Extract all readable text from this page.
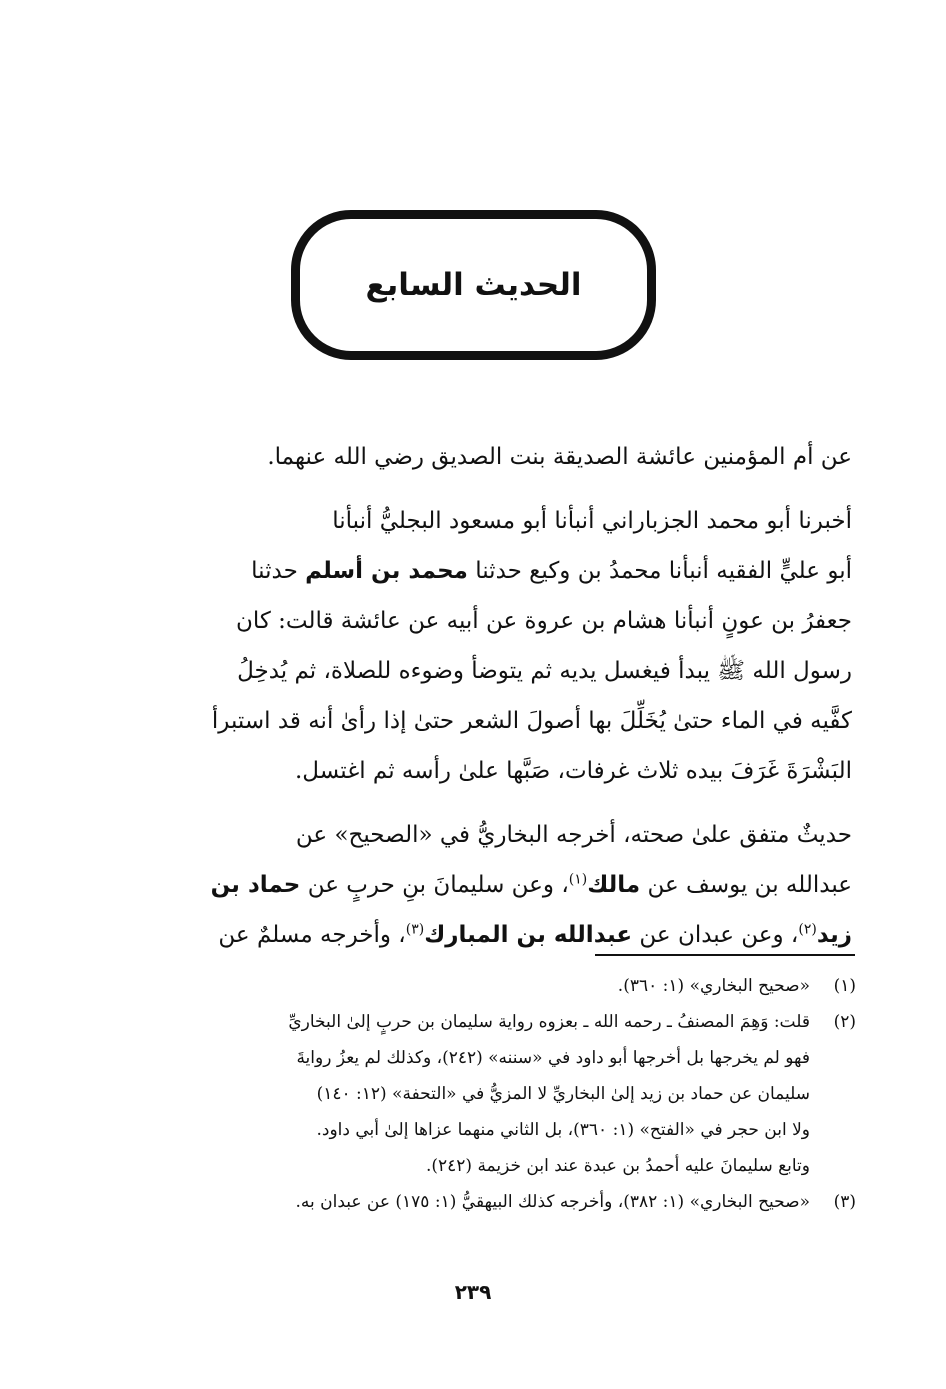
الحديث السابع

عن أم المؤمنين عائشة الصديقة بنت الصديق رضي الله عنهما.

أخبرنا أبو محمد الجزباراني أنبأنا أبو مسعود البجليُّ أنبأنا
أبو عليٍّ الفقيه أنبأنا محمدُ بن وكيع حدثنا محمد بن أسلم حدثنا
جعفرُ بن عونٍ أنبأنا هشام بن عروة عن أبيه عن عائشة قالت: كان
رسول الله ﷺ يبدأ فيغسل يديه ثم يتوضأ وضوءه للصلاة، ثم يُدخِلُ
كفَّيه في الماء حتىٰ يُخَلِّلَ بها أصولَ الشعر حتىٰ إذا رأىٰ أنه قد استبرأ
البَشْرَةَ غَرَفَ بيده ثلاث غرفات، صَبَّها علىٰ رأسه ثم اغتسل.

حديثٌ متفق علىٰ صحته، أخرجه البخاريُّ في «الصحيح» عن
عبدالله بن يوسف عن مالك$^{(١)}$، وعن سليمانَ بنِ حربٍ عن حماد بن
زيد$^{(٢)}$، وعن عبدان عن عبدالله بن المبارك$^{(٣)}$، وأخرجه مسلمٌ عن

(١)
«صحيح البخاري» (١: ٣٦٠).
(٢)
قلت: وَهِمَ المصنفُ ـ رحمه الله ـ بعزوه رواية سليمان بن حربٍ إلىٰ البخاريِّ
فهو لم يخرجها بل أخرجها أبو داود في «سننه» (٢٤٢)، وكذلك لم يعزُ روايةَ
سليمان عن حماد بن زيد إلىٰ البخاريِّ لا المزيُّ في «التحفة» (١٢: ١٤٠)
ولا ابن حجر في «الفتح» (١: ٣٦٠)، بل الثاني منهما عزاها إلىٰ أبي داود.
وتابع سليمانَ عليه أحمدُ بن عبدة عند ابن خزيمة (٢٤٢).
(٣)
«صحيح البخاري» (١: ٣٨٢)، وأخرجه كذلك البيهقيُّ (١: ١٧٥) عن عبدان به.
٢٣٩
